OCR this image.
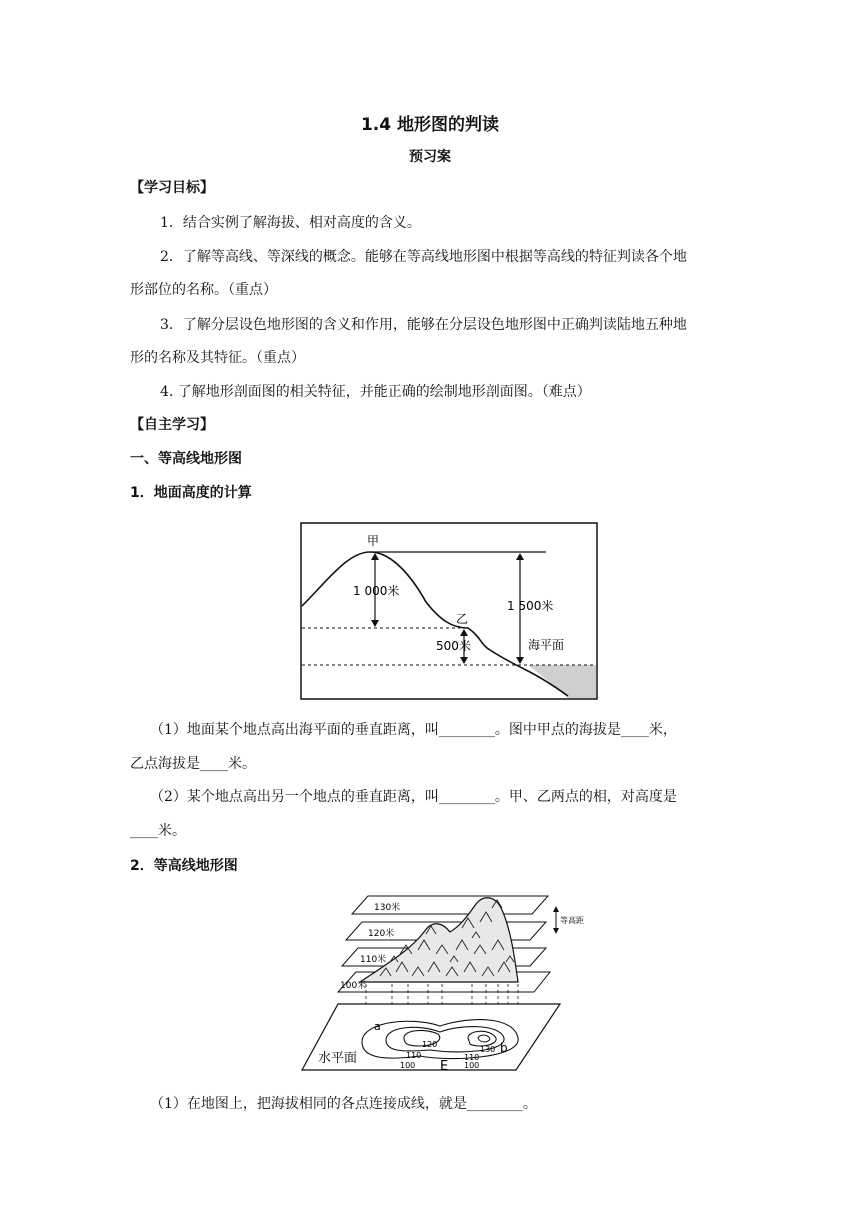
1.4 地形图的判读
预习案
【学习目标】
1．结合实例了解海拔、相对高度的含义。
2．了解等高线、等深线的概念。能够在等高线地形图中根据等高线的特征判读各个地
形部位的名称。（重点）
3．了解分层设色地形图的含义和作用，能够在分层设色地形图中正确判读陆地五种地
形的名称及其特征。（重点）
4. 了解地形剖面图的相关特征，并能正确的绘制地形剖面图。（难点）
【自主学习】
一、等高线地形图
1．地面高度的计算
甲
乙
1 000米
1 500米
500米	海平面
（1）地面某个地点高出海平面的垂直距离，叫________。图中甲点的海拔是____米，
乙点海拔是____米。
（2）某个地点高出另一个地点的垂直距离，叫________。甲、乙两点的相，对高度是
____米。
2．等高线地形图
130米
120米
110米
100米
等高距
水平面
a
b
E
120
110
100
130
110
100
（1）在地图上，把海拔相同的各点连接成线，就是________。
